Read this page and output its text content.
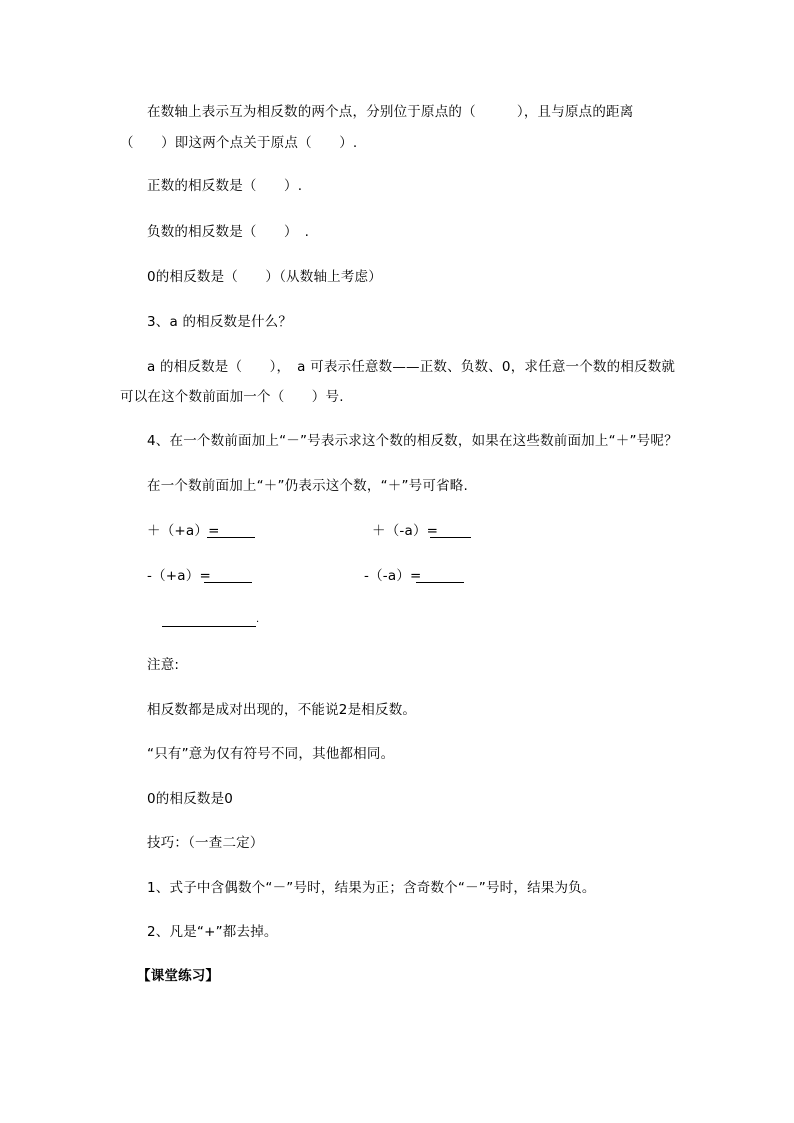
在数轴上表示互为相反数的两个点，分别位于原点的（　　　），且与原点的距离
（　　）即这两个点关于原点（　　）.
正数的相反数是（　　）.
负数的相反数是（　　）　.
0的相反数是（　　）（从数轴上考虑）
3、a 的相反数是什么？
a 的相反数是（　　），　a 可表示任意数——正数、负数、0，求任意一个数的相反数就
可以在这个数前面加一个（　　）号.
4、在一个数前面加上“－”号表示求这个数的相反数，如果在这些数前面加上“＋”号呢？
在一个数前面加上“＋”仍表示这个数，“＋”号可省略.
＋（+a）=	＋（-a）=
-（+a）=	-（-a）=
.
注意:
相反数都是成对出现的，不能说2是相反数。
“只有”意为仅有符号不同，其他都相同。
0的相反数是0
技巧：（一查二定）
1、式子中含偶数个“－”号时，结果为正；含奇数个“－”号时，结果为负。
2、凡是“+”都去掉。
【课堂练习】
